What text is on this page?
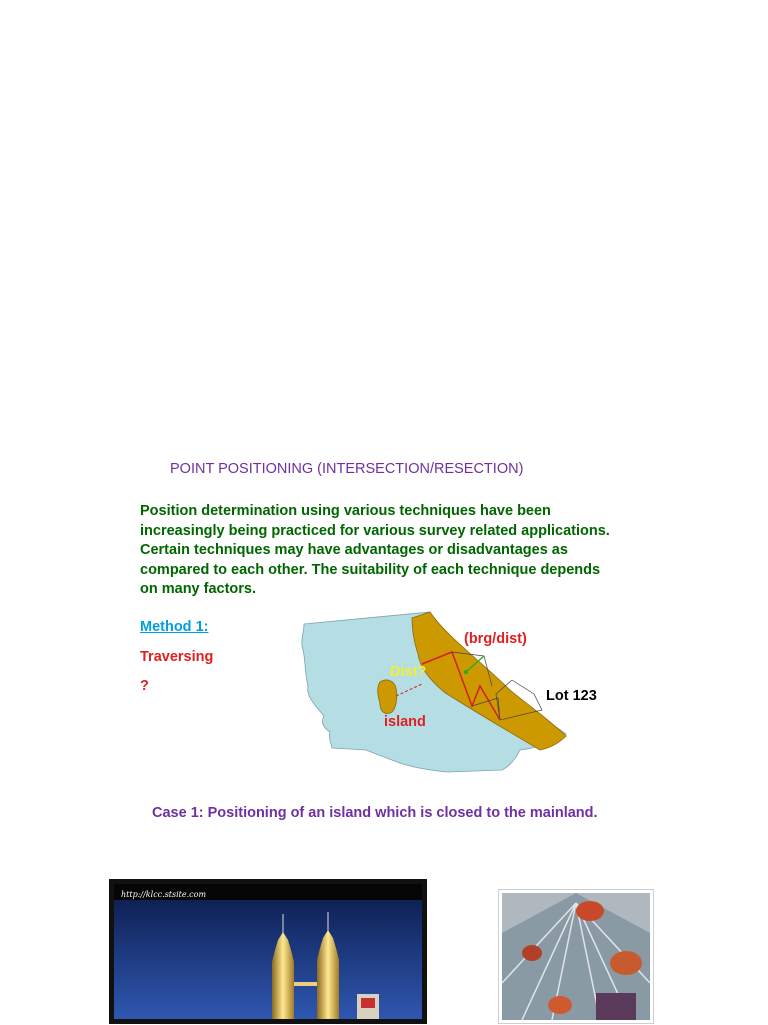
POINT POSITIONING (INTERSECTION/RESECTION)
Position determination using various techniques have been
increasingly being practiced for various survey related applications.
Certain techniques may have advantages or disadvantages as
compared to each other. The suitability of each technique depends
on many factors.
Method 1:
Traversing
?
(brg/dist)
Dist?
Lot 123
island
Case 1: Positioning of an island which is closed to the mainland.
http://klcc.stsite.com
